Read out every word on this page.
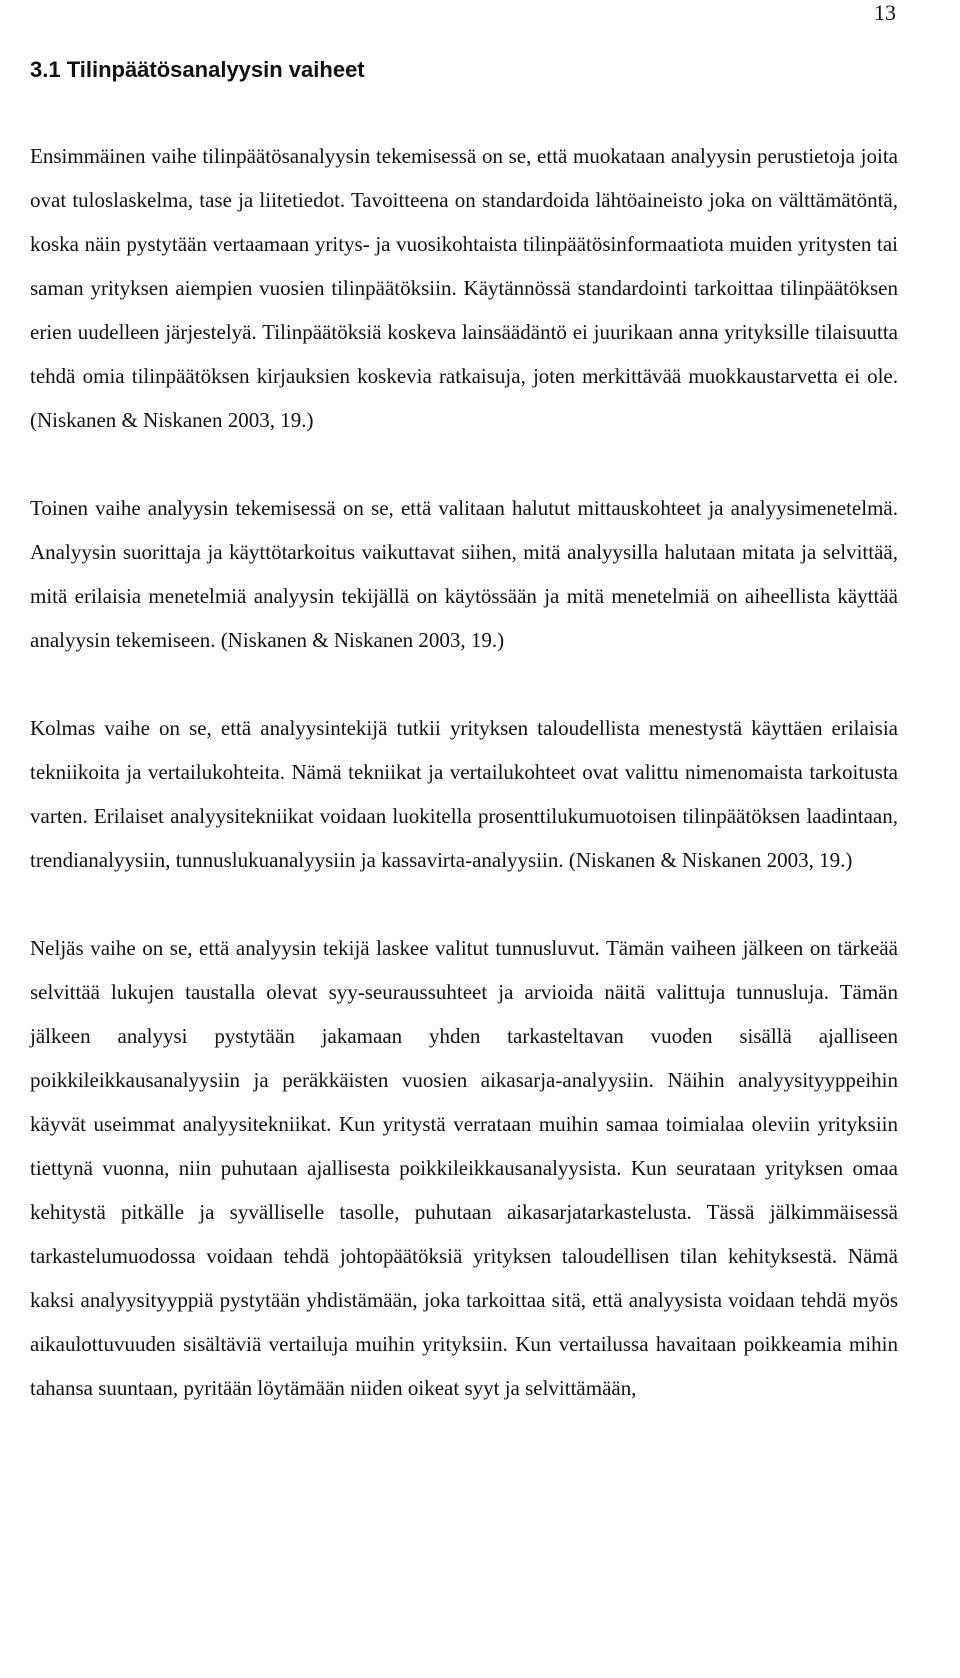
13
3.1 Tilinpäätösanalyysin vaiheet

Ensimmäinen vaihe tilinpäätösanalyysin tekemisessä on se, että muokataan analyysin perustietoja joita ovat tuloslaskelma, tase ja liitetiedot. Tavoitteena on standardoida lähtöaineisto joka on välttämätöntä, koska näin pystytään vertaamaan yritys- ja vuosikohtaista tilinpäätösinformaatiota muiden yritysten tai saman yrityksen aiempien vuosien tilinpäätöksiin. Käytännössä standardointi tarkoittaa tilinpäätöksen erien uudelleen järjestelyä. Tilinpäätöksiä koskeva lainsäädäntö ei juurikaan anna yrityksille tilaisuutta tehdä omia tilinpäätöksen kirjauksien koskevia ratkaisuja, joten merkittävää muokkaustarvetta ei ole. (Niskanen & Niskanen 2003, 19.)

Toinen vaihe analyysin tekemisessä on se, että valitaan halutut mittauskohteet ja analyysimenetelmä. Analyysin suorittaja ja käyttötarkoitus vaikuttavat siihen, mitä analyysilla halutaan mitata ja selvittää, mitä erilaisia menetelmiä analyysin tekijällä on käytössään ja mitä menetelmiä on aiheellista käyttää analyysin tekemiseen. (Niskanen & Niskanen 2003, 19.)

Kolmas vaihe on se, että analyysintekijä tutkii yrityksen taloudellista menestystä käyttäen erilaisia tekniikoita ja vertailukohteita. Nämä tekniikat ja vertailukohteet ovat valittu nimenomaista tarkoitusta varten. Erilaiset analyysitekniikat voidaan luokitella prosenttilukumuotoisen tilinpäätöksen laadintaan, trendianalyysiin, tunnuslukuanalyysiin ja kassavirta-analyysiin. (Niskanen & Niskanen 2003, 19.)

Neljäs vaihe on se, että analyysin tekijä laskee valitut tunnusluvut. Tämän vaiheen jälkeen on tärkeää selvittää lukujen taustalla olevat syy-seuraussuhteet ja arvioida näitä valittuja tunnusluja. Tämän jälkeen analyysi pystytään jakamaan yhden tarkasteltavan vuoden sisällä ajalliseen poikkileikkausanalyysiin ja peräkkäisten vuosien aikasarja-analyysiin. Näihin analyysityyppeihin käyvät useimmat analyysitekniikat. Kun yritystä verrataan muihin samaa toimialaa oleviin yrityksiin tiettynä vuonna, niin puhutaan ajallisesta poikkileikkausanalyysista. Kun seurataan yrityksen omaa kehitystä pitkälle ja syvälliselle tasolle, puhutaan aikasarjatarkastelusta. Tässä jälkimmäisessä tarkastelumuodossa voidaan tehdä johtopäätöksiä yrityksen taloudellisen tilan kehityksestä. Nämä kaksi analyysityyppiä pystytään yhdistämään, joka tarkoittaa sitä, että analyysista voidaan tehdä myös aikaulottuvuuden sisältäviä vertailuja muihin yrityksiin. Kun vertailussa havaitaan poikkeamia mihin tahansa suuntaan, pyritään löytämään niiden oikeat syyt ja selvittämään,
